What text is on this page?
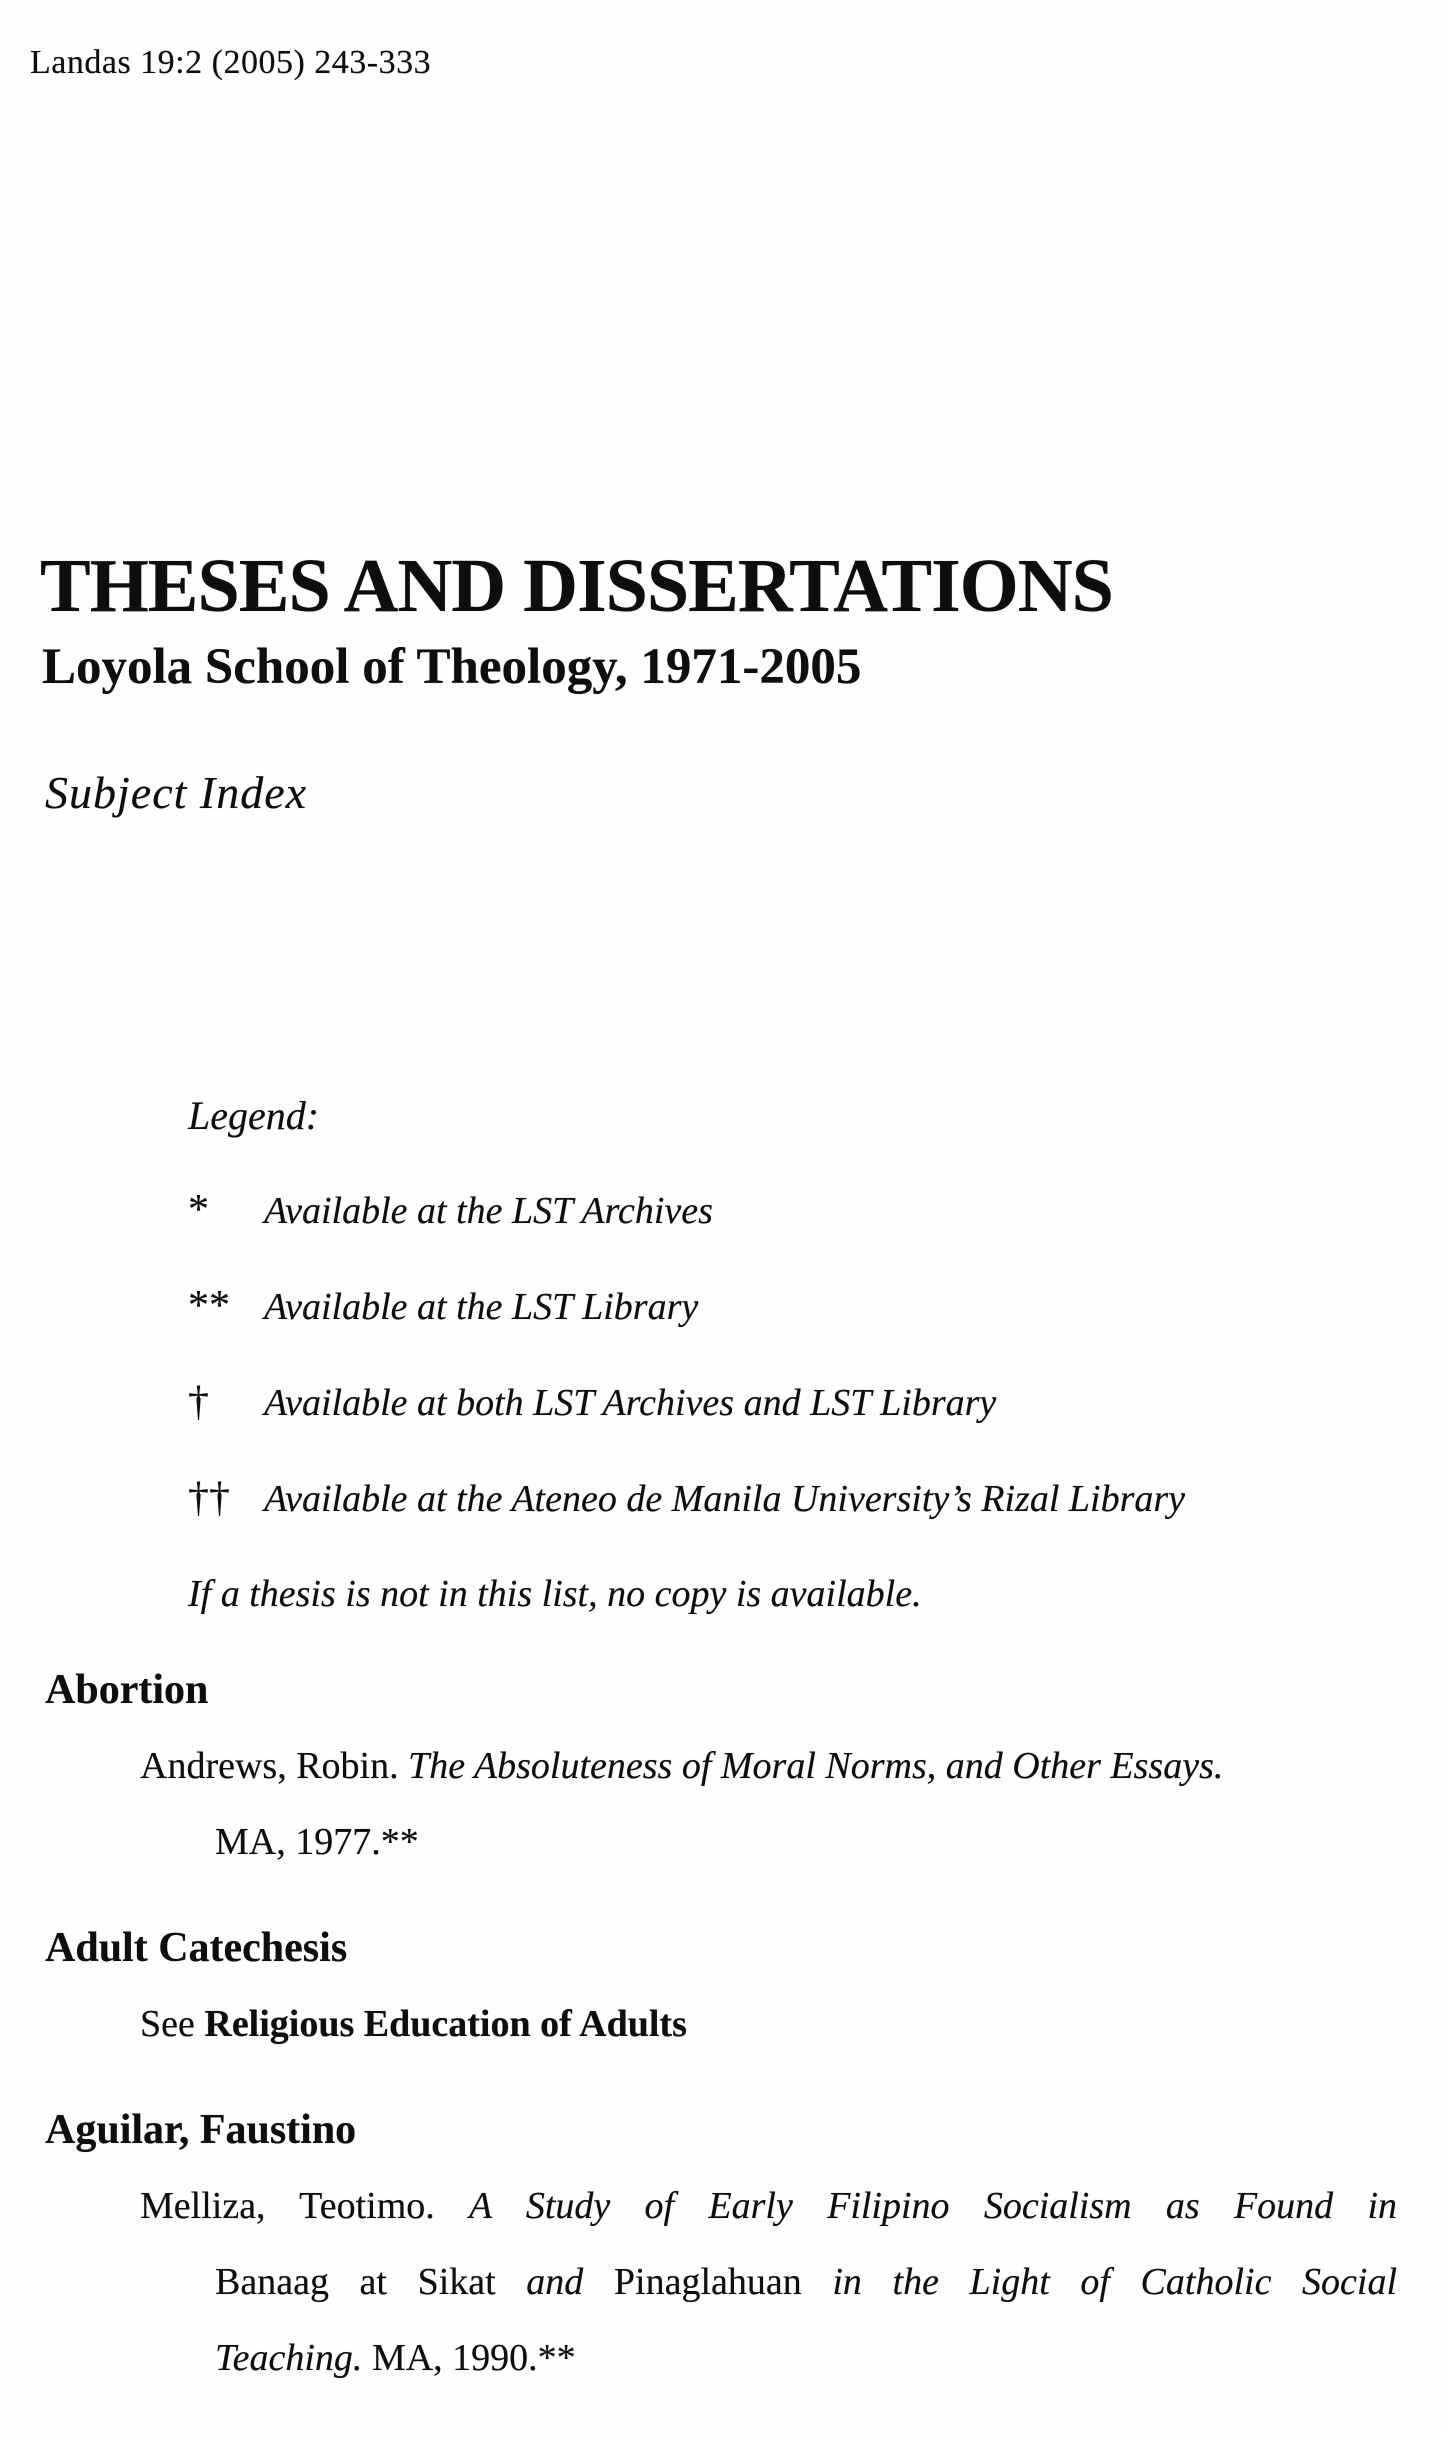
Landas 19:2 (2005) 243-333
THESES AND DISSERTATIONS
Loyola School of Theology, 1971-2005
Subject Index
Legend:
* Available at the LST Archives
** Available at the LST Library
† Available at both LST Archives and LST Library
†† Available at the Ateneo de Manila University’s Rizal Library
If a thesis is not in this list, no copy is available.
Abortion
Andrews, Robin. The Absoluteness of Moral Norms, and Other Essays.
MA, 1977.**
Adult Catechesis
See Religious Education of Adults
Aguilar, Faustino
Melliza, Teotimo. A Study of Early Filipino Socialism as Found in
Banaag at Sikat and Pinaglahuan in the Light of Catholic Social
Teaching. MA, 1990.**
